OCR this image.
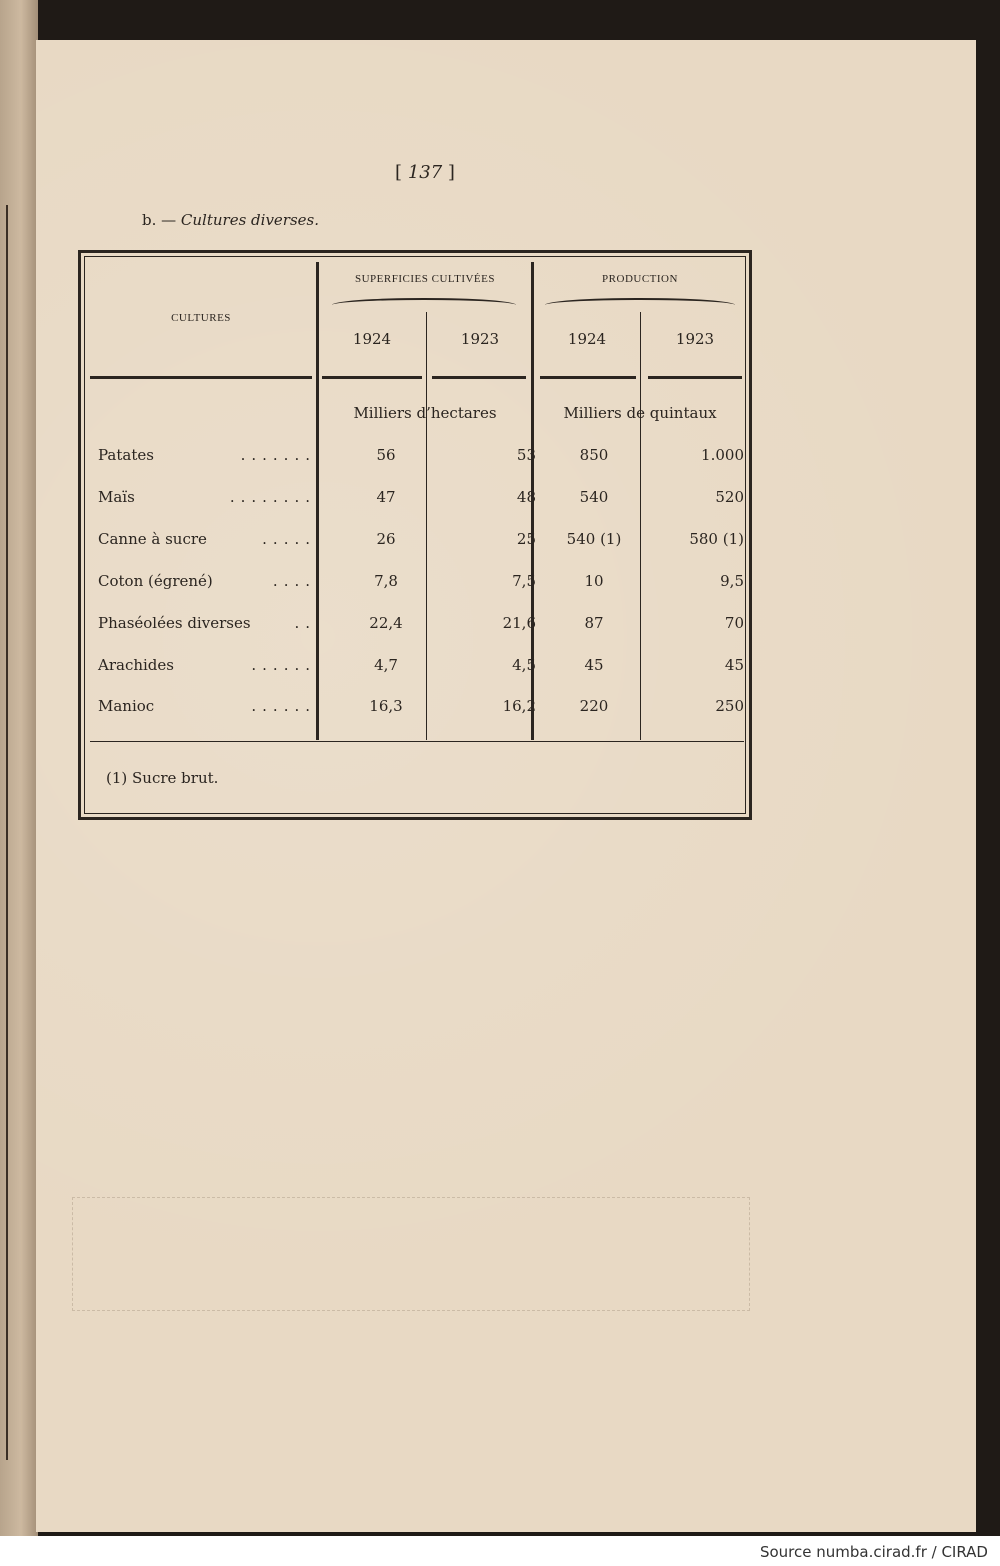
[ 137 ]
b. — Cultures diverses.
CULTURES
SUPERFICIES CULTIVÉES	PRODUCTION
1924	1923	1924	1923
Milliers d’hectares	Milliers de quintaux
Patates	.......	56	53	850	1.000
Maïs	........	47	48	540	520
Canne à sucre	.....	26	25	540 (1)	580 (1)
Coton (égrené)	....	7,8	7,5	10	9,5
Phaséolées diverses	..	22,4	21,6	87	70
Arachides	......	4,7	4,5	45	45
Manioc	......	16,3	16,2	220	250
(1) Sucre brut.
Source numba.cirad.fr / CIRAD
